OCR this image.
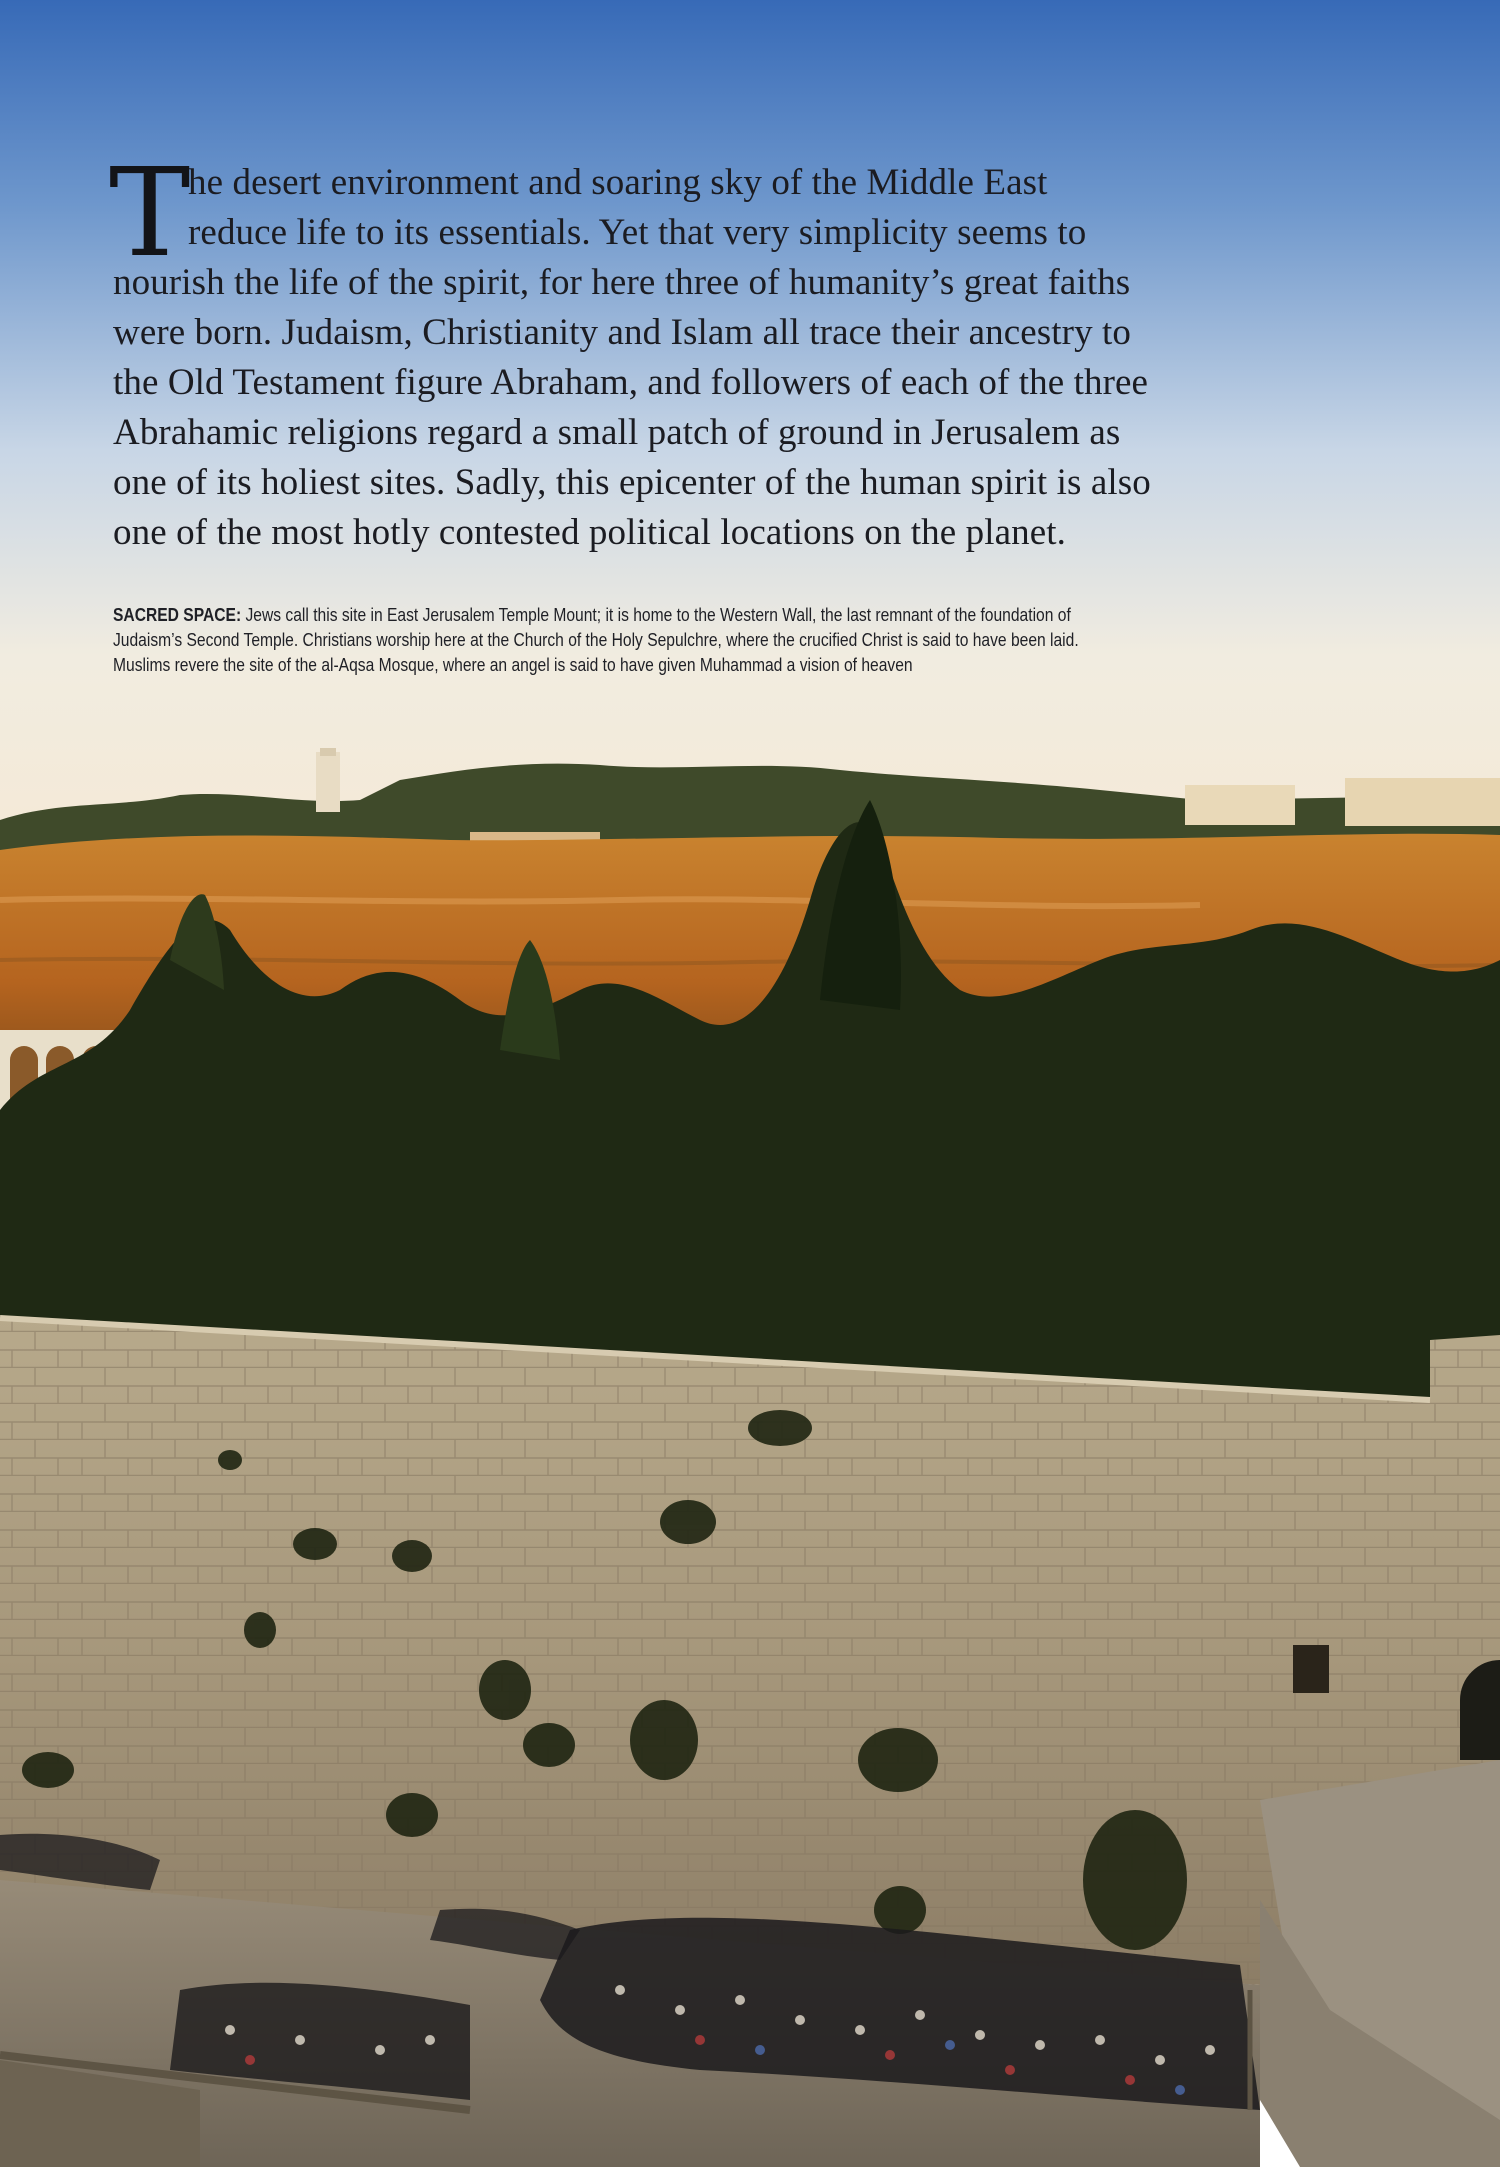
T
he desert environment and soaring sky of the Middle East
reduce life to its essentials. Yet that very simplicity seems to
nourish the life of the spirit, for here three of humanity’s great faiths
were born. Judaism, Christianity and Islam all trace their ancestry to
the Old Testament figure Abraham, and followers of each of the three
Abrahamic religions regard a small patch of ground in Jerusalem as
one of its holiest sites. Sadly, this epicenter of the human spirit is also
one of the most hotly contested political locations on the planet.
SACRED SPACE: Jews call this site in East Jerusalem Temple Mount; it is home to the Western Wall, the last remnant of the foundation of
Judaism’s Second Temple. Christians worship here at the Church of the Holy Sepulchre, where the crucified Christ is said to have been laid.
Muslims revere the site of the al-Aqsa Mosque, where an angel is said to have given Muhammad a vision of heaven
